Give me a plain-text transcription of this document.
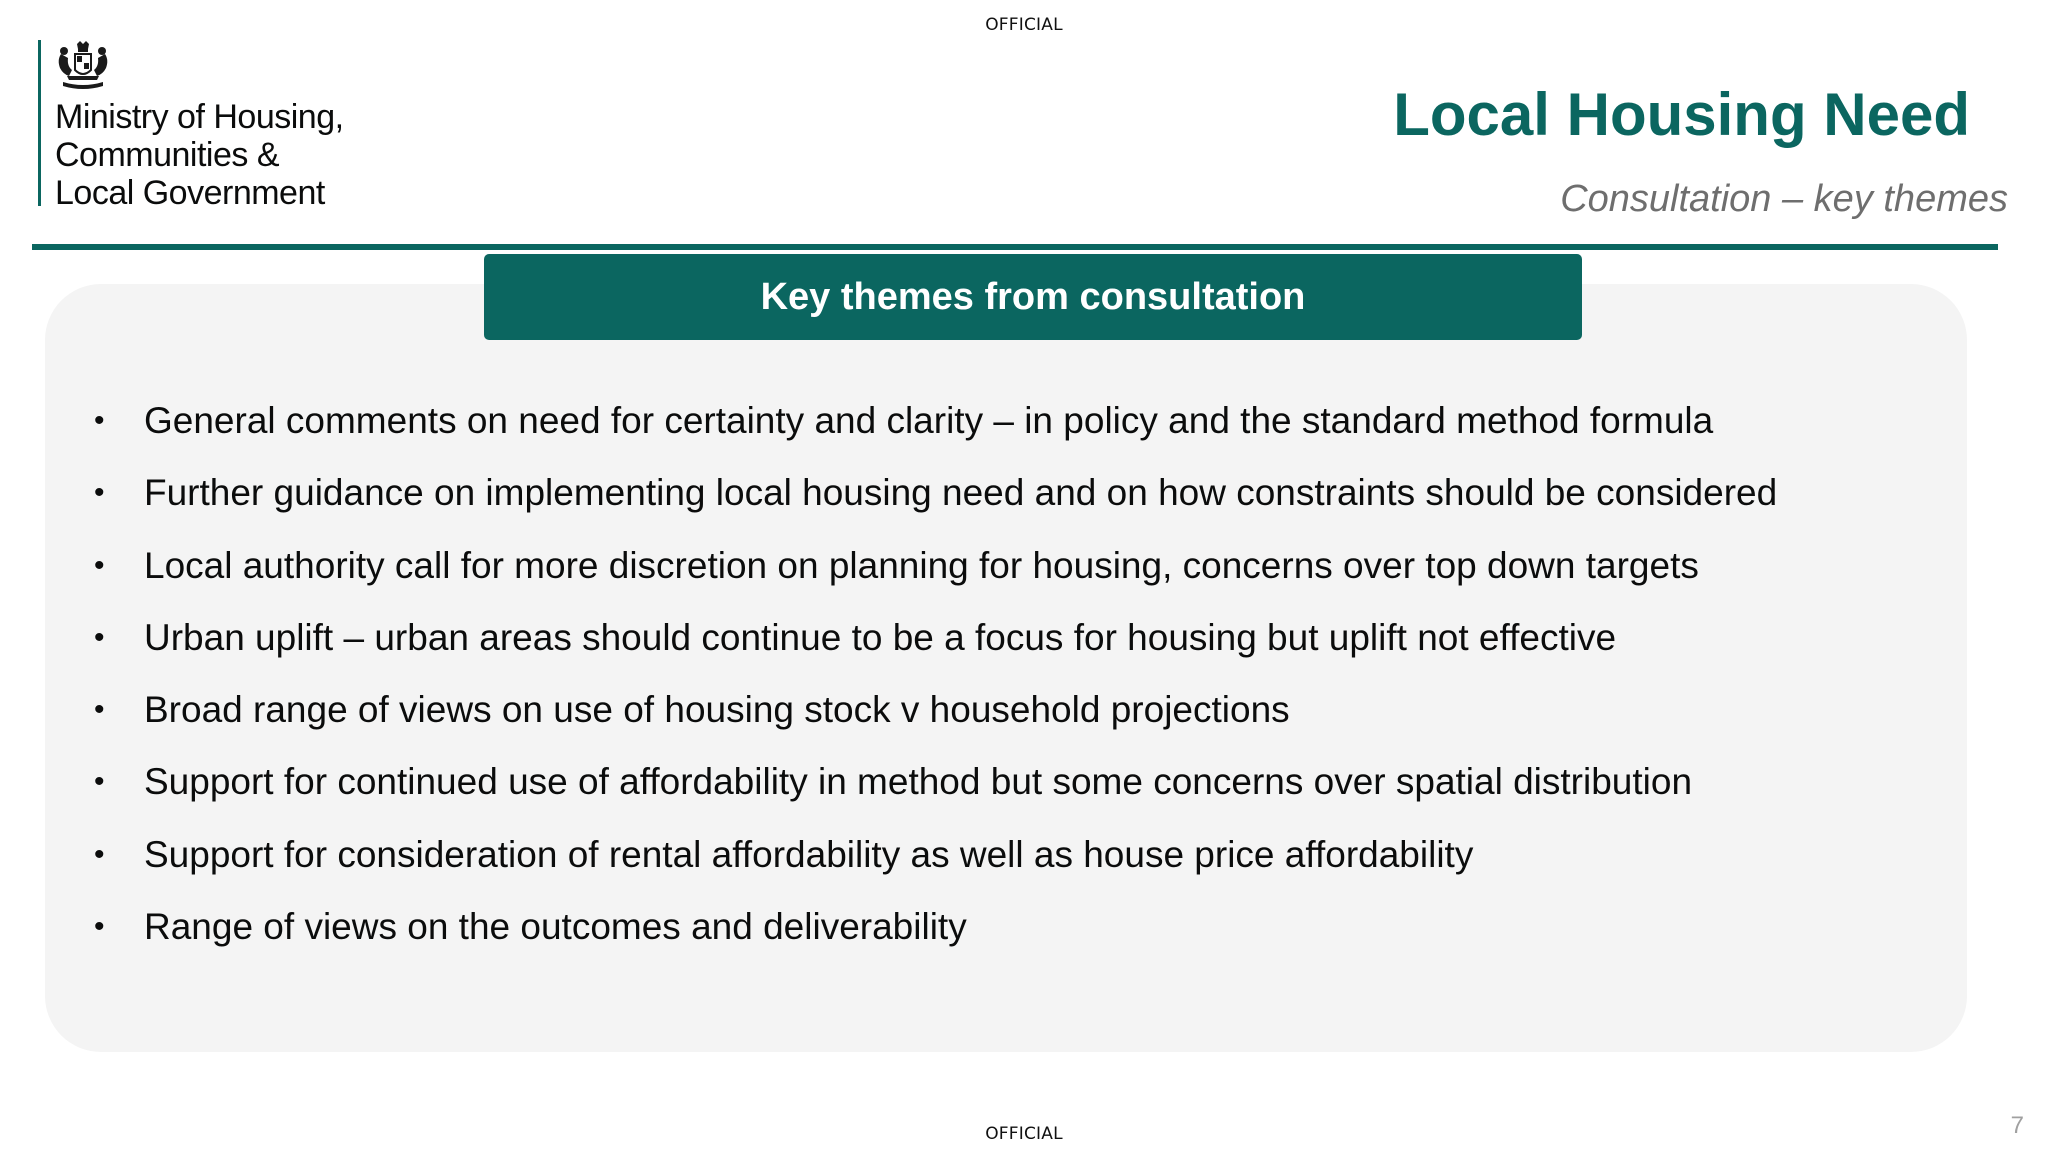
OFFICIAL
Ministry of Housing,
Communities &
Local Government
Local Housing Need
Consultation – key themes
Key themes from consultation
• General comments on need for certainty and clarity – in policy and the standard method formula
• Further guidance on implementing local housing need and on how constraints should be considered
• Local authority call for more discretion on planning for housing, concerns over top down targets
• Urban uplift – urban areas should continue to be a focus for housing but uplift not effective
• Broad range of views on use of housing stock v household projections
• Support for continued use of affordability in method but some concerns over spatial distribution
• Support for consideration of rental affordability as well as house price affordability
• Range of views on the outcomes and deliverability
OFFICIAL	7
